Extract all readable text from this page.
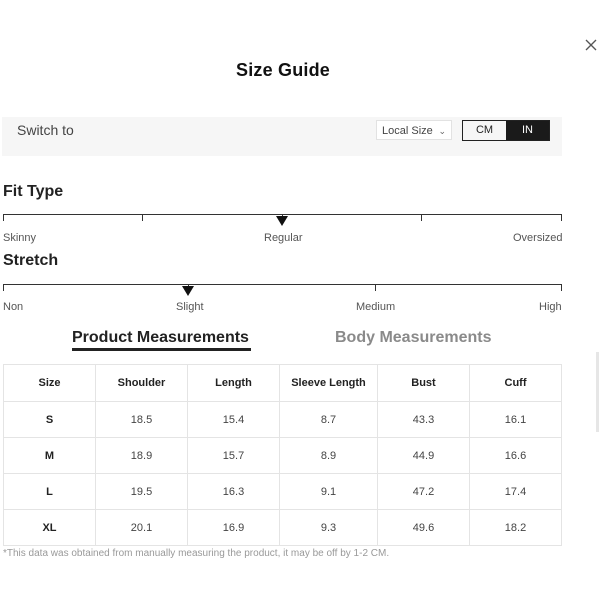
Size Guide
Switch to	Local Size ⌄	CM	IN
Fit Type
Skinny	Regular	Oversized
Stretch
Non	Slight	Medium	High
Product Measurements	Body Measurements
Size	Shoulder	Length	Sleeve Length	Bust	Cuff
S	18.5	15.4	8.7	43.3	16.1
M	18.9	15.7	8.9	44.9	16.6
L	19.5	16.3	9.1	47.2	17.4
XL	20.1	16.9	9.3	49.6	18.2
*This data was obtained from manually measuring the product, it may be off by 1-2 CM.
